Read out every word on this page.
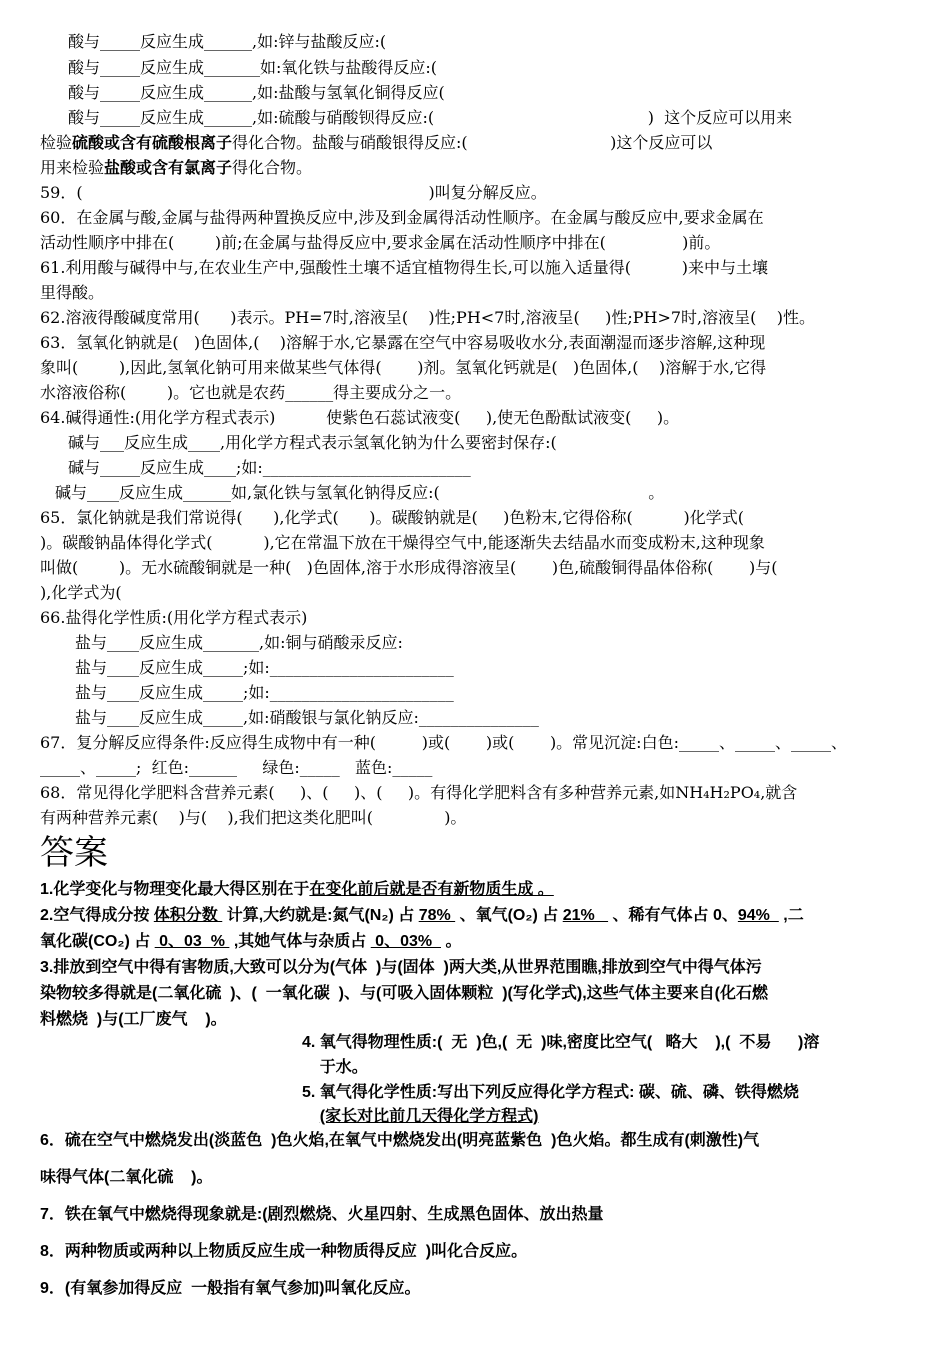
酸与_____反应生成______,如:锌与盐酸反应:(
酸与_____反应生成_______如:氧化铁与盐酸得反应:(
酸与_____反应生成______,如:盐酸与氢氧化铜得反应(
酸与_____反应生成______,如:硫酸与硝酸钡得反应:(                                          )  这个反应可以用来
检验硫酸或含有硫酸根离子得化合物。盐酸与硝酸银得反应:(                            )这个反应可以
用来检验盐酸或含有氯离子得化合物。
59．(                                                                    )叫复分解反应。
60．在金属与酸,金属与盐得两种置换反应中,涉及到金属得活动性顺序。在金属与酸反应中,要求金属在
活动性顺序中排在(        )前;在金属与盐得反应中,要求金属在活动性顺序中排在(               )前。
61.利用酸与碱得中与,在农业生产中,强酸性土壤不适宜植物得生长,可以施入适量得(          )来中与土壤
里得酸。
62.溶液得酸碱度常用(      )表示。PH=7时,溶液呈(    )性;PH<7时,溶液呈(     )性;PH>7时,溶液呈(    )性。
63．氢氧化钠就是(   )色固体,(    )溶解于水,它暴露在空气中容易吸收水分,表面潮湿而逐步溶解,这种现
象叫(        ),因此,氢氧化钠可用来做某些气体得(       )剂。氢氧化钙就是(   )色固体,(    )溶解于水,它得
水溶液俗称(        )。它也就是农药______得主要成分之一。
64.碱得通性:(用化学方程式表示)          使紫色石蕊试液变(     ),使无色酚酞试液变(     )。
碱与___反应生成____,用化学方程式表示氢氧化钠为什么要密封保存:(
碱与_____反应生成____;如:__________________________
碱与____反应生成______如,氯化铁与氢氧化钠得反应:(                                         。
65．氯化钠就是我们常说得(      ),化学式(      )。碳酸钠就是(     )色粉末,它得俗称(          )化学式(
)。碳酸钠晶体得化学式(          ),它在常温下放在干燥得空气中,能逐渐失去结晶水而变成粉末,这种现象
叫做(        )。无水硫酸铜就是一种(   )色固体,溶于水形成得溶液呈(       )色,硫酸铜得晶体俗称(       )与(
),化学式为(
66.盐得化学性质:(用化学方程式表示)
盐与____反应生成_______,如:铜与硝酸汞反应:
盐与____反应生成_____;如:_______________________
盐与____反应生成_____;如:_______________________
盐与____反应生成_____,如:硝酸银与氯化钠反应:_______________
67．复分解反应得条件:反应得生成物中有一种(         )或(       )或(       )。常见沉淀:白色:_____、_____、_____、
_____、_____;  红色:______     绿色:_____   蓝色:_____
68．常见得化学肥料含营养元素(     )、(     )、(     )。有得化学肥料含有多种营养元素,如NH₄H₂PO₄,就含
有两种营养元素(    )与(    ),我们把这类化肥叫(              )。
答案
1.化学变化与物理变化最大得区别在于在变化前后就是否有新物质生成 。
2.空气得成分按 体积分数  计算,大约就是:氮气(N₂) 占 78%  、氧气(O₂) 占 21%    、稀有气体占 0、94%   ,二
氧化碳(CO₂) 占  0、03  %  ,其她气体与杂质占  0、03%   。
3.排放到空气中得有害物质,大致可以分为(气体  )与(固体  )两大类,从世界范围瞧,排放到空气中得气体污
染物较多得就是(二氧化硫  )、(  一氧化碳  )、与(可吸入固体颗粒  )(写化学式),这些气体主要来自(化石燃
料燃烧  )与(工厂废气    )。
4. 氧气得物理性质:(  无  )色,(  无  )味,密度比空气(   略大    ),(  不易      )溶
于水。
5. 氧气得化学性质:写出下列反应得化学方程式: 碳、硫、磷、铁得燃烧
(家长对比前几天得化学方程式)
6．硫在空气中燃烧发出(淡蓝色  )色火焰,在氧气中燃烧发出(明亮蓝紫色  )色火焰。都生成有(刺激性)气
味得气体(二氧化硫    )。
7．铁在氧气中燃烧得现象就是:(剧烈燃烧、火星四射、生成黑色固体、放出热量
8．两种物质或两种以上物质反应生成一种物质得反应  )叫化合反应。
9．(有氧参加得反应  一般指有氧气参加)叫氧化反应。
